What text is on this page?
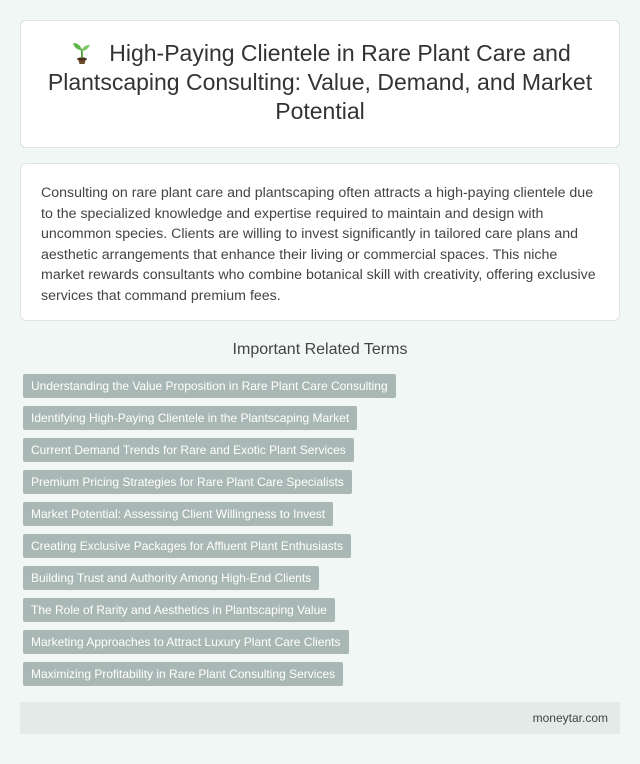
High-Paying Clientele in Rare Plant Care and Plantscaping Consulting: Value, Demand, and Market Potential

Consulting on rare plant care and plantscaping often attracts a high-paying clientele due to the specialized knowledge and expertise required to maintain and design with uncommon species. Clients are willing to invest significantly in tailored care plans and aesthetic arrangements that enhance their living or commercial spaces. This niche market rewards consultants who combine botanical skill with creativity, offering exclusive services that command premium fees.

Important Related Terms
Understanding the Value Proposition in Rare Plant Care Consulting
Identifying High-Paying Clientele in the Plantscaping Market
Current Demand Trends for Rare and Exotic Plant Services
Premium Pricing Strategies for Rare Plant Care Specialists
Market Potential: Assessing Client Willingness to Invest
Creating Exclusive Packages for Affluent Plant Enthusiasts
Building Trust and Authority Among High-End Clients
The Role of Rarity and Aesthetics in Plantscaping Value
Marketing Approaches to Attract Luxury Plant Care Clients
Maximizing Profitability in Rare Plant Consulting Services
moneytar.com
